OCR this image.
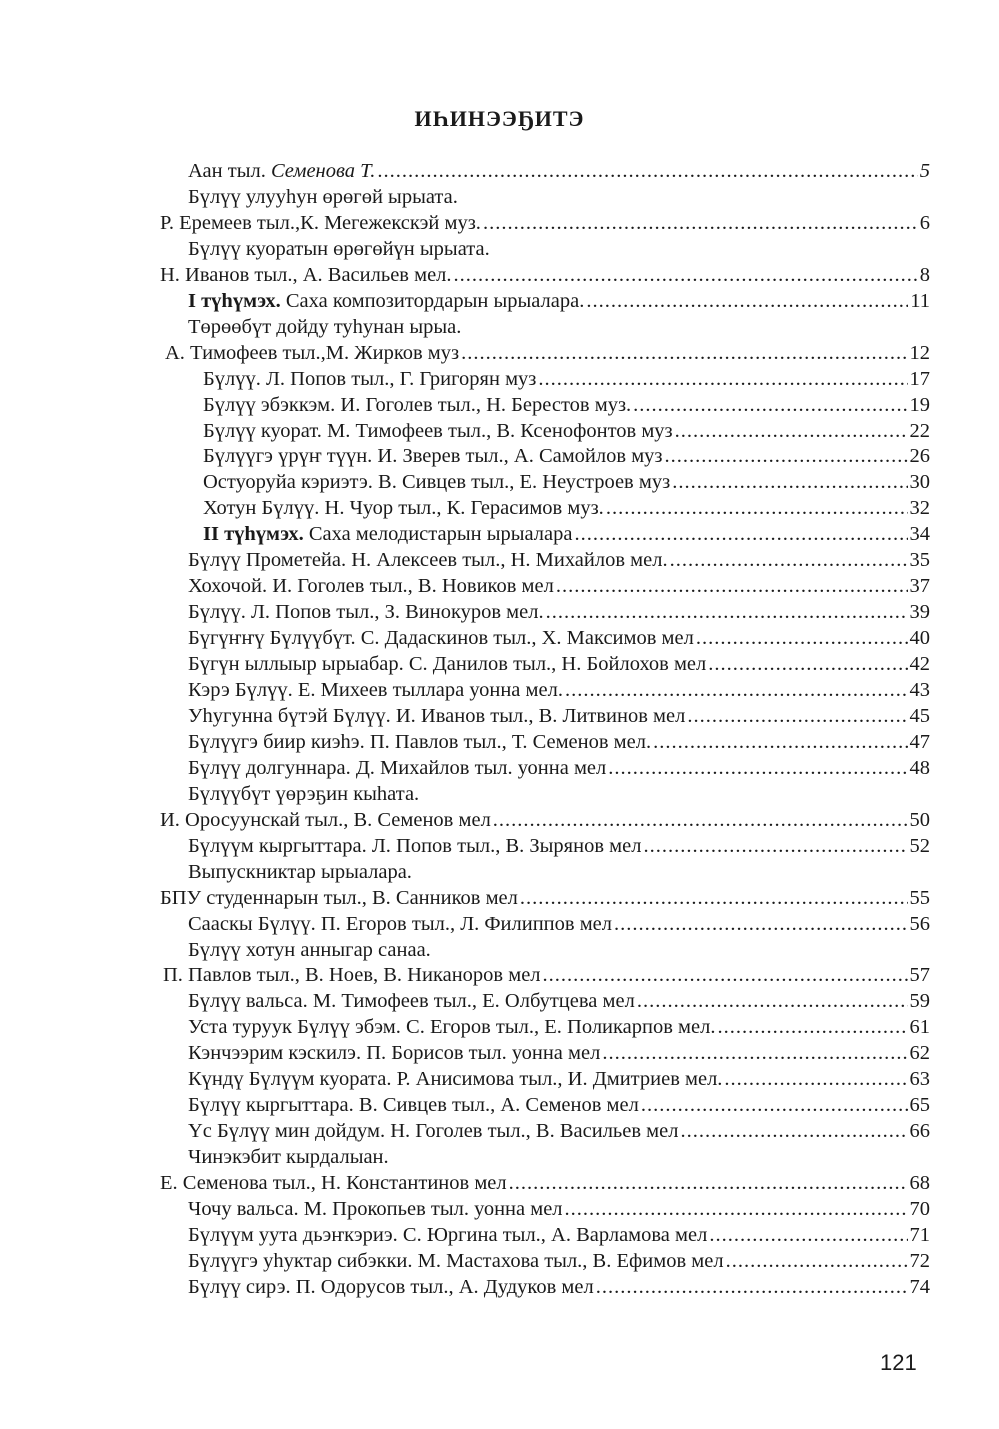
ИҺИНЭЭҔИТЭ
Аан тыл. Семенова Т. .....	5
Бүлүү улууһун өрөгөй ырыата.
Р. Еремеев тыл.,К. Мегежекскэй муз. .....	6
Бүлүү куоратын өрөгөйүн ырыата.
Н. Иванов тыл., А. Васильев мел. .....	8
I түһүмэх. Саха композитордарын ырыалара. .....	11
Төрөөбүт дойду туһунан ырыа.
А. Тимофеев тыл.,М. Жирков муз .....	12
Бүлүү. Л. Попов тыл., Г. Григорян муз .....	17
Бүлүү эбэккэм. И. Гоголев тыл., Н. Берестов муз. .....	19
Бүлүү куорат. М. Тимофеев тыл., В. Ксенофонтов муз .....	22
Бүлүүгэ үрүҥ түүн. И. Зверев тыл., А. Самойлов муз .....	26
Остуоруйа кэриэтэ. В. Сивцев тыл., Е. Неустроев муз .....	30
Хотун Бүлүү. Н. Чуор тыл., К. Герасимов муз. .....	32
II түһүмэх. Саха мелодистарын ырыалара .....	34
Бүлүү Прометейа. Н. Алексеев тыл., Н. Михайлов мел. .....	35
Хохочой. И. Гоголев тыл., В. Новиков мел .....	37
Бүлүү. Л. Попов тыл., З. Винокуров мел. .....	39
Бүгүҥҥү Бүлүүбүт. С. Дадаскинов тыл., Х. Максимов мел .....	40
Бүгүн ыллыыр ырыабар. С. Данилов тыл., Н. Бойлохов мел .....	42
Кэрэ Бүлүү. Е. Михеев тыллара уонна мел. .....	43
Уһугунна бүтэй Бүлүү. И. Иванов тыл., В. Литвинов мел .....	45
Бүлүүгэ биир киэһэ. П. Павлов тыл., Т. Семенов мел. .....	47
Бүлүү долгуннара. Д. Михайлов тыл. уонна мел .....	48
Бүлүүбүт үөрэҕин кыһата.
И. Оросуунскай тыл., В. Семенов мел .....	50
Бүлүүм кыргыттара. Л. Попов тыл., В. Зырянов мел .....	52
Выпускниктар ырыалара.
БПУ студеннарын тыл., В. Санников мел .....	55
Сааскы Бүлүү. П. Егоров тыл., Л. Филиппов мел .....	56
Бүлүү хотун анныгар санаа.
П. Павлов тыл., В. Ноев, В. Никаноров мел .....	57
Бүлүү вальса. М. Тимофеев тыл., Е. Олбутцева мел .....	59
Уста туруук Бүлүү эбэм. С. Егоров тыл., Е. Поликарпов мел. .....	61
Кэнчээрим кэскилэ. П. Борисов тыл. уонна мел .....	62
Күндү Бүлүүм куората. Р. Анисимова тыл., И. Дмитриев мел. .....	63
Бүлүү кыргыттара. В. Сивцев тыл., А. Семенов мел .....	65
Үс Бүлүү мин дойдум. Н. Гоголев тыл., В. Васильев мел .....	66
Чинэкэбит кырдалыан.
Е. Семенова тыл., Н. Константинов мел .....	68
Чочу вальса. М. Прокопьев тыл. уонна мел .....	70
Бүлүүм уута дьэҥкэриэ. С. Юргина тыл., А. Варламова мел .....	71
Бүлүүгэ уһуктар сибэкки. М. Мастахова тыл., В. Ефимов мел .....	72
Бүлүү сирэ. П. Одорусов тыл., А. Дудуков мел .....	74
121
